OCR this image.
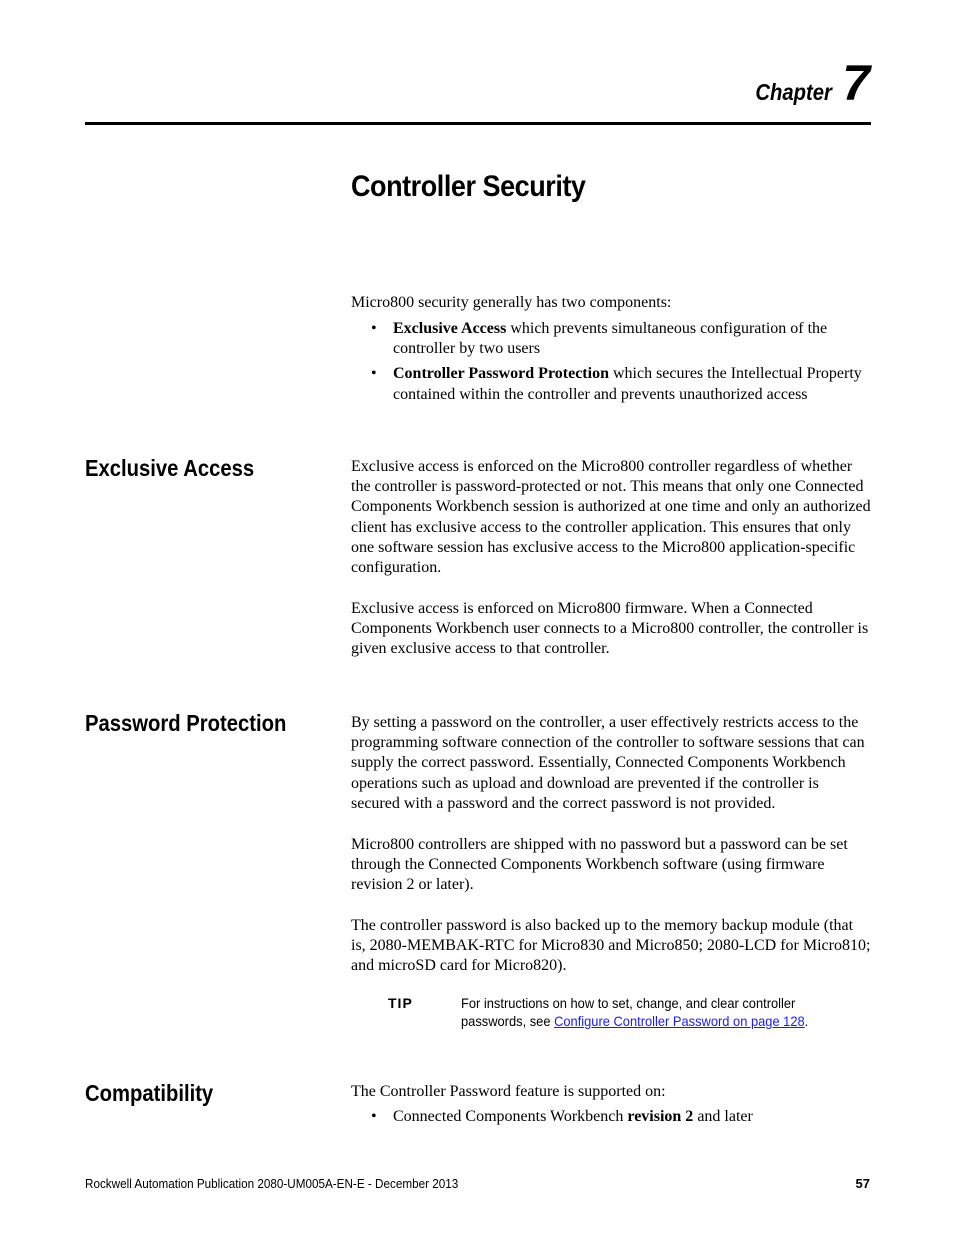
Chapter 7
Controller Security

Micro800 security generally has two components:

• Exclusive Access which prevents simultaneous configuration of the controller by two users
• Controller Password Protection which secures the Intellectual Property contained within the controller and prevents unauthorized access
Exclusive Access	Exclusive access is enforced on the Micro800 controller regardless of whether the controller is password-protected or not. This means that only one Connected Components Workbench session is authorized at one time and only an authorized client has exclusive access to the controller application. This ensures that only one software session has exclusive access to the Micro800 application-specific configuration.

Exclusive access is enforced on Micro800 firmware. When a Connected Components Workbench user connects to a Micro800 controller, the controller is given exclusive access to that controller.

Password Protection	By setting a password on the controller, a user effectively restricts access to the programming software connection of the controller to software sessions that can supply the correct password. Essentially, Connected Components Workbench operations such as upload and download are prevented if the controller is secured with a password and the correct password is not provided.

Micro800 controllers are shipped with no password but a password can be set through the Connected Components Workbench software (using firmware revision 2 or later).

The controller password is also backed up to the memory backup module (that is, 2080-MEMBAK-RTC for Micro830 and Micro850; 2080-LCD for Micro810; and microSD card for Micro820).

TIP	For instructions on how to set, change, and clear controller passwords, see Configure Controller Password on page 128.
Compatibility	The Controller Password feature is supported on:

• Connected Components Workbench revision 2 and later
Rockwell Automation Publication 2080-UM005A-EN-E - December 2013	57
